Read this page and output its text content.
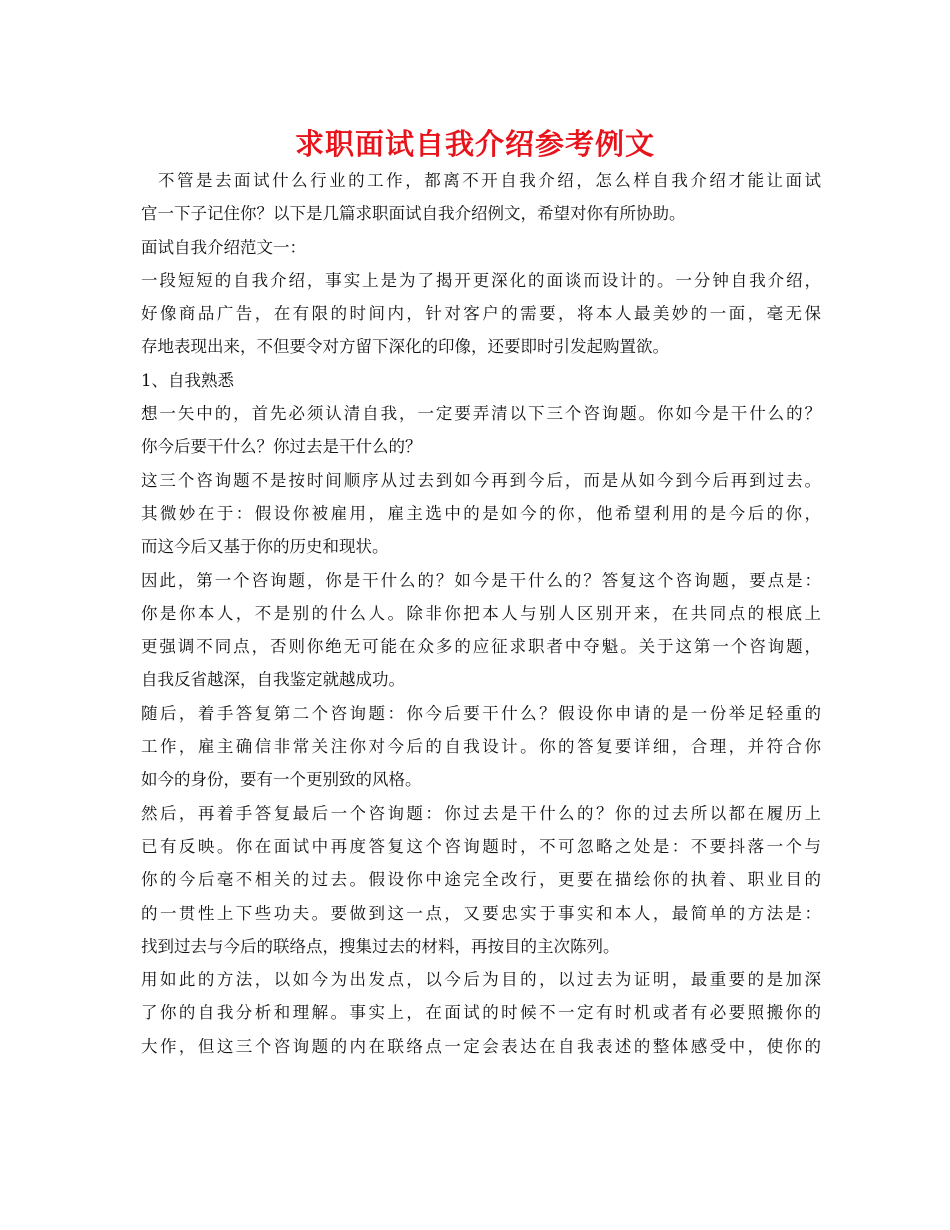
求职面试自我介绍参考例文
不管是去面试什么行业的工作，都离不开自我介绍，怎么样自我介绍才能让面试
官一下子记住你？以下是几篇求职面试自我介绍例文，希望对你有所协助。
面试自我介绍范文一：
一段短短的自我介绍，事实上是为了揭开更深化的面谈而设计的。一分钟自我介绍，
好像商品广告，在有限的时间内，针对客户的需要，将本人最美妙的一面，毫无保
存地表现出来，不但要令对方留下深化的印像，还要即时引发起购置欲。
1、自我熟悉
想一矢中的，首先必须认清自我，一定要弄清以下三个咨询题。你如今是干什么的？
你今后要干什么？你过去是干什么的？
这三个咨询题不是按时间顺序从过去到如今再到今后，而是从如今到今后再到过去。
其微妙在于：假设你被雇用，雇主选中的是如今的你，他希望利用的是今后的你，
而这今后又基于你的历史和现状。
因此，第一个咨询题，你是干什么的？如今是干什么的？答复这个咨询题，要点是：
你是你本人，不是别的什么人。除非你把本人与别人区别开来，在共同点的根底上
更强调不同点，否则你绝无可能在众多的应征求职者中夺魁。关于这第一个咨询题，
自我反省越深，自我鉴定就越成功。
随后，着手答复第二个咨询题：你今后要干什么？假设你申请的是一份举足轻重的
工作，雇主确信非常关注你对今后的自我设计。你的答复要详细，合理，并符合你
如今的身份，要有一个更别致的风格。
然后，再着手答复最后一个咨询题：你过去是干什么的？你的过去所以都在履历上
已有反映。你在面试中再度答复这个咨询题时，不可忽略之处是：不要抖落一个与
你的今后毫不相关的过去。假设你中途完全改行，更要在描绘你的执着、职业目的
的一贯性上下些功夫。要做到这一点，又要忠实于事实和本人，最简单的方法是：
找到过去与今后的联络点，搜集过去的材料，再按目的主次陈列。
用如此的方法，以如今为出发点，以今后为目的，以过去为证明，最重要的是加深
了你的自我分析和理解。事实上，在面试的时候不一定有时机或者有必要照搬你的
大作，但这三个咨询题的内在联络点一定会表达在自我表述的整体感受中，使你的
